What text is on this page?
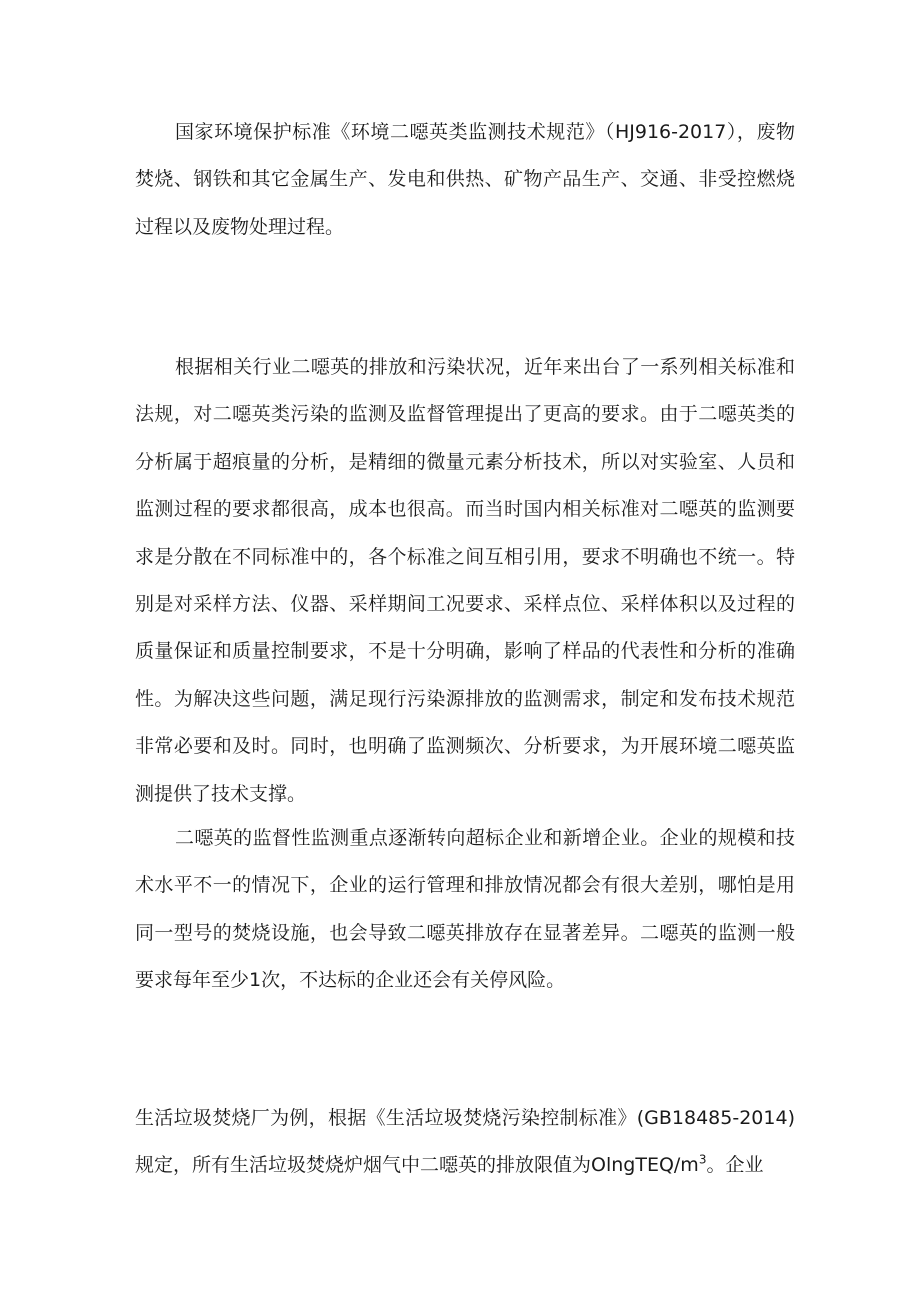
国家环境保护标准《环境二噁英类监测技术规范》（HJ916-2017），废物焚烧、钢铁和其它金属生产、发电和供热、矿物产品生产、交通、非受控燃烧过程以及废物处理过程。

根据相关行业二噁英的排放和污染状况，近年来出台了一系列相关标准和法规，对二噁英类污染的监测及监督管理提出了更高的要求。由于二噁英类的分析属于超痕量的分析，是精细的微量元素分析技术，所以对实验室、人员和监测过程的要求都很高，成本也很高。而当时国内相关标准对二噁英的监测要求是分散在不同标准中的，各个标准之间互相引用，要求不明确也不统一。特别是对采样方法、仪器、采样期间工况要求、采样点位、采样体积以及过程的质量保证和质量控制要求，不是十分明确，影响了样品的代表性和分析的准确性。为解决这些问题，满足现行污染源排放的监测需求，制定和发布技术规范非常必要和及时。同时，也明确了监测频次、分析要求，为开展环境二噁英监测提供了技术支撑。

二噁英的监督性监测重点逐渐转向超标企业和新增企业。企业的规模和技术水平不一的情况下，企业的运行管理和排放情况都会有很大差别，哪怕是用同一型号的焚烧设施，也会导致二噁英排放存在显著差异。二噁英的监测一般要求每年至少1次，不达标的企业还会有关停风险。

生活垃圾焚烧厂为例，根据《生活垃圾焚烧污染控制标准》(GB18485-2014)规定，所有生活垃圾焚烧炉烟气中二噁英的排放限值为OlngTEQ/$m^3$。企业
